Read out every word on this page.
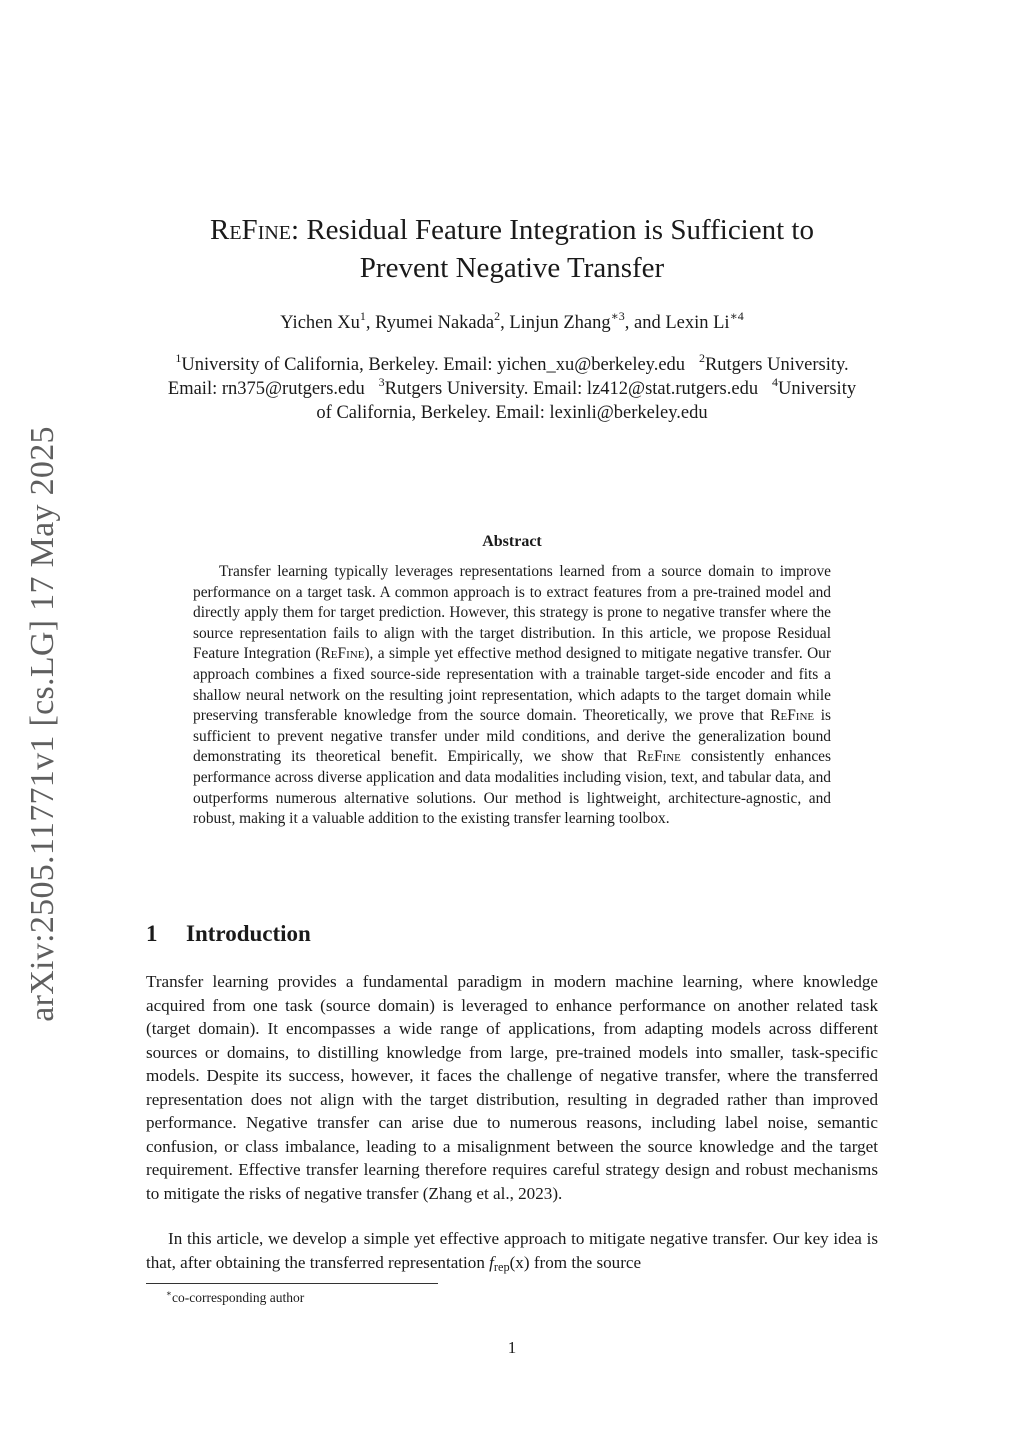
arXiv:2505.11771v1 [cs.LG] 17 May 2025
ReFine: Residual Feature Integration is Sufficient to
Prevent Negative Transfer
Yichen Xu$^1$, Ryumei Nakada$^2$, Linjun Zhang$^{∗3}$, and Lexin $Li^{∗4}$
$^1$University of California, Berkeley. Email: yichen_xu@berkeley.edu $^2$Rutgers University. Email: rn375@rutgers.edu $^3$Rutgers University. Email: lz412@stat.rutgers.edu $^4$University of California, Berkeley. Email: lexinli@berkeley.edu
Abstract

Transfer learning typically leverages representations learned from a source domain to improve performance on a target task. A common approach is to extract features from a pre-trained model and directly apply them for target prediction. However, this strategy is prone to negative transfer where the source representation fails to align with the target distribution. In this article, we propose Residual Feature Integration (ReFine), a simple yet effective method designed to mitigate negative transfer. Our approach combines a fixed source-side representation with a trainable target-side encoder and fits a shallow neural network on the resulting joint representation, which adapts to the target domain while preserving transferable knowledge from the source domain. Theoretically, we prove that ReFine is sufficient to prevent negative transfer under mild conditions, and derive the generalization bound demonstrating its theoretical benefit. Empirically, we show that ReFine consistently enhances performance across diverse application and data modalities including vision, text, and tabular data, and outperforms numerous alternative solutions. Our method is lightweight, architecture-agnostic, and robust, making it a valuable addition to the existing transfer learning toolbox.

1 Introduction

Transfer learning provides a fundamental paradigm in modern machine learning, where knowledge acquired from one task (source domain) is leveraged to enhance performance on another related task (target domain). It encompasses a wide range of applications, from adapting models across different sources or domains, to distilling knowledge from large, pre-trained models into smaller, task-specific models. Despite its success, however, it faces the challenge of negative transfer, where the transferred representation does not align with the target distribution, resulting in degraded rather than improved performance. Negative transfer can arise due to numerous reasons, including label noise, semantic confusion, or class imbalance, leading to a misalignment between the source knowledge and the target requirement. Effective transfer learning therefore requires careful strategy design and robust mechanisms to mitigate the risks of negative transfer (Zhang et al., 2023).

In this article, we develop a simple yet effective approach to mitigate negative transfer. Our key idea is that, after obtaining the transferred representation $f_{rep}(x)$ from the source

∗co-corresponding author
1
